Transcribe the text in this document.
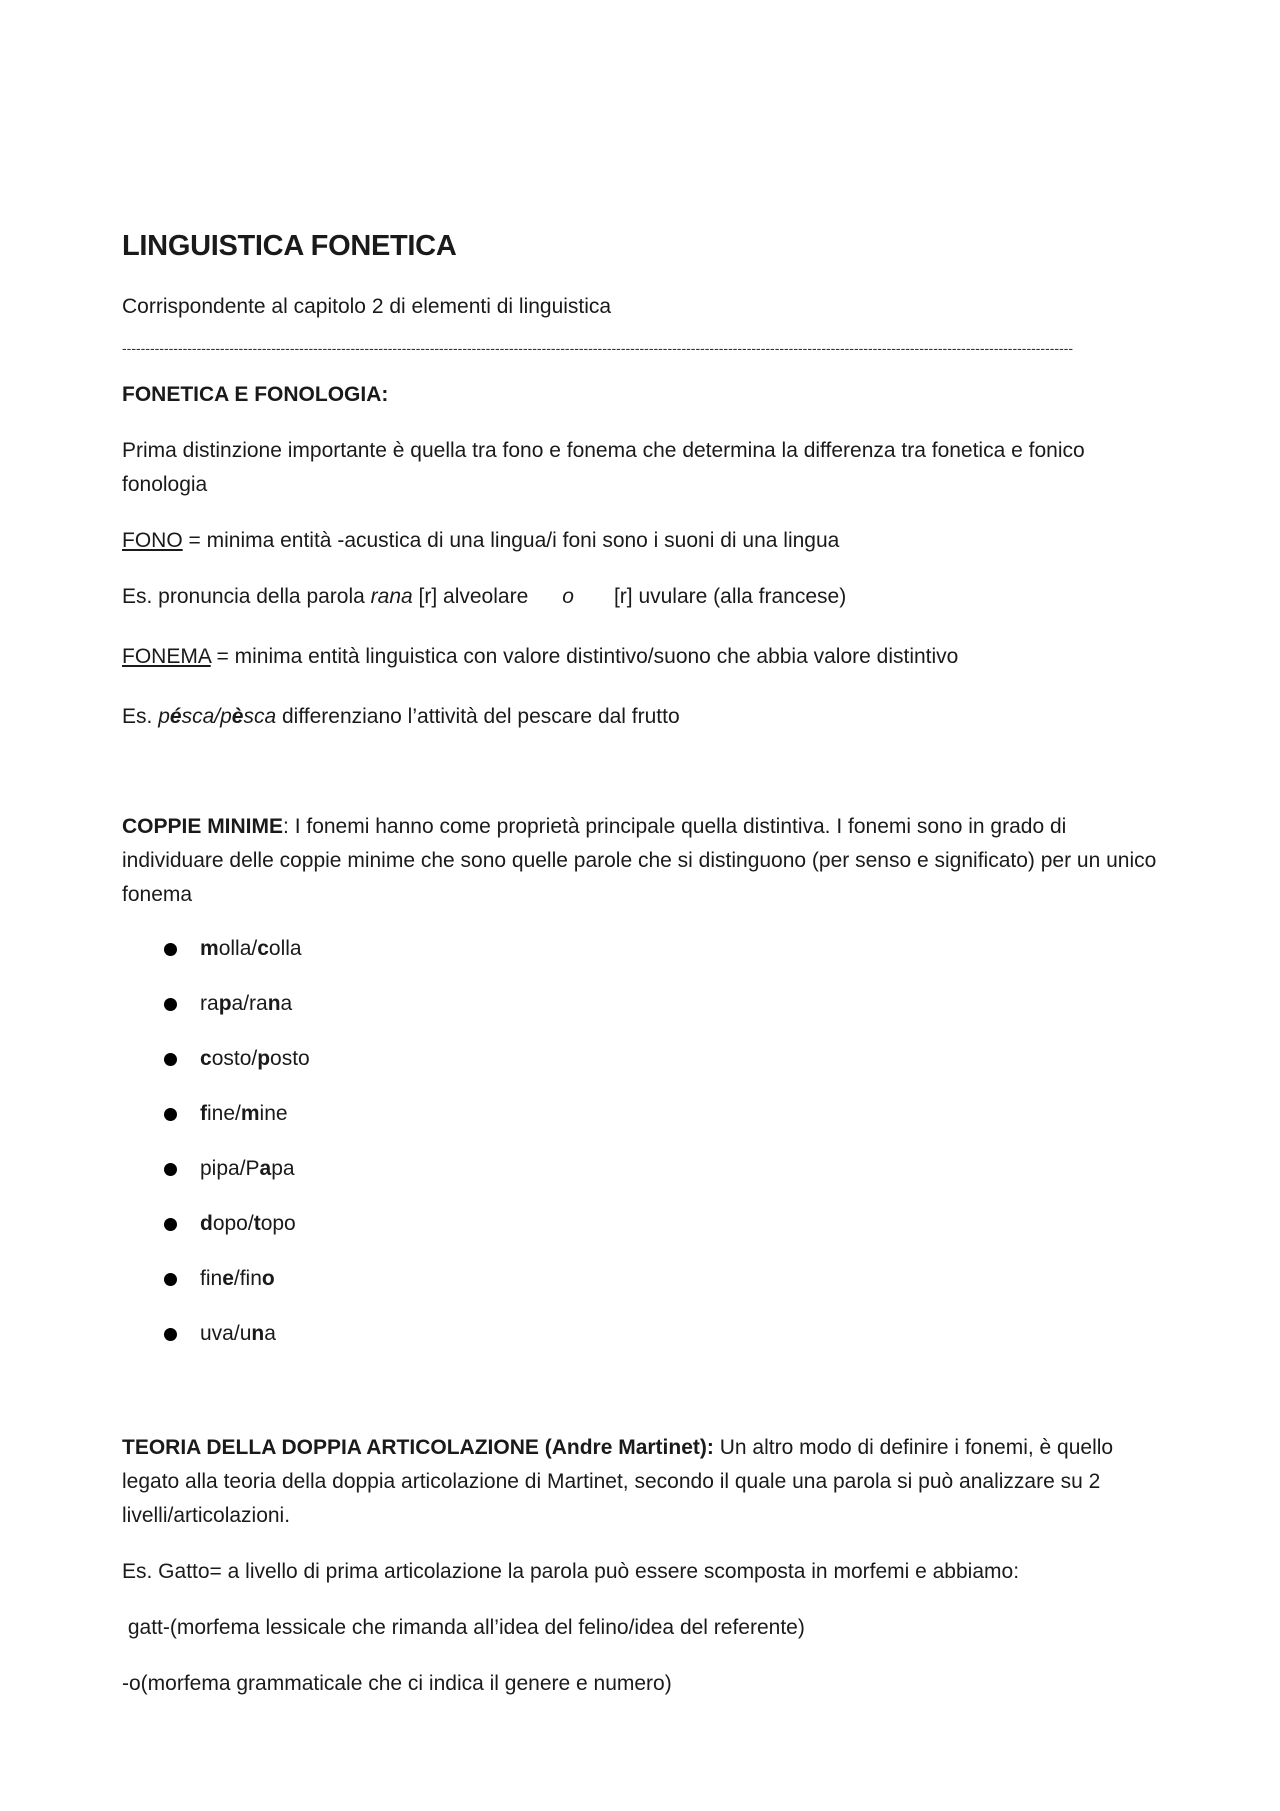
LINGUISTICA FONETICA

Corrispondente al capitolo 2 di elementi di linguistica

------------------------------------------------------------------------------------------------------------------------------------------------------------------------------------------------------------

FONETICA E FONOLOGIA:

Prima distinzione importante è quella tra fono e fonema che determina la differenza tra fonetica e fonico fonologia

FONO = minima entità -acustica di una lingua/i foni sono i suoni di una lingua

Es. pronuncia della parola rana [r] alveolare o [r] uvulare (alla francese)

FONEMA = minima entità linguistica con valore distintivo/suono che abbia valore distintivo

Es. pésca/pèsca differenziano l’attività del pescare dal frutto

COPPIE MINIME: I fonemi hanno come proprietà principale quella distintiva. I fonemi sono in grado di individuare delle coppie minime che sono quelle parole che si distinguono (per senso e significato) per un unico fonema

molla/colla
rapa/rana
costo/posto
fine/mine
pipa/Papa
dopo/topo
fine/fino
uva/una

TEORIA DELLA DOPPIA ARTICOLAZIONE (Andre Martinet): Un altro modo di definire i fonemi, è quello legato alla teoria della doppia articolazione di Martinet, secondo il quale una parola si può analizzare su 2 livelli/articolazioni.

Es. Gatto= a livello di prima articolazione la parola può essere scomposta in morfemi e abbiamo:

gatt-(morfema lessicale che rimanda all’idea del felino/idea del referente)

-o(morfema grammaticale che ci indica il genere e numero)
